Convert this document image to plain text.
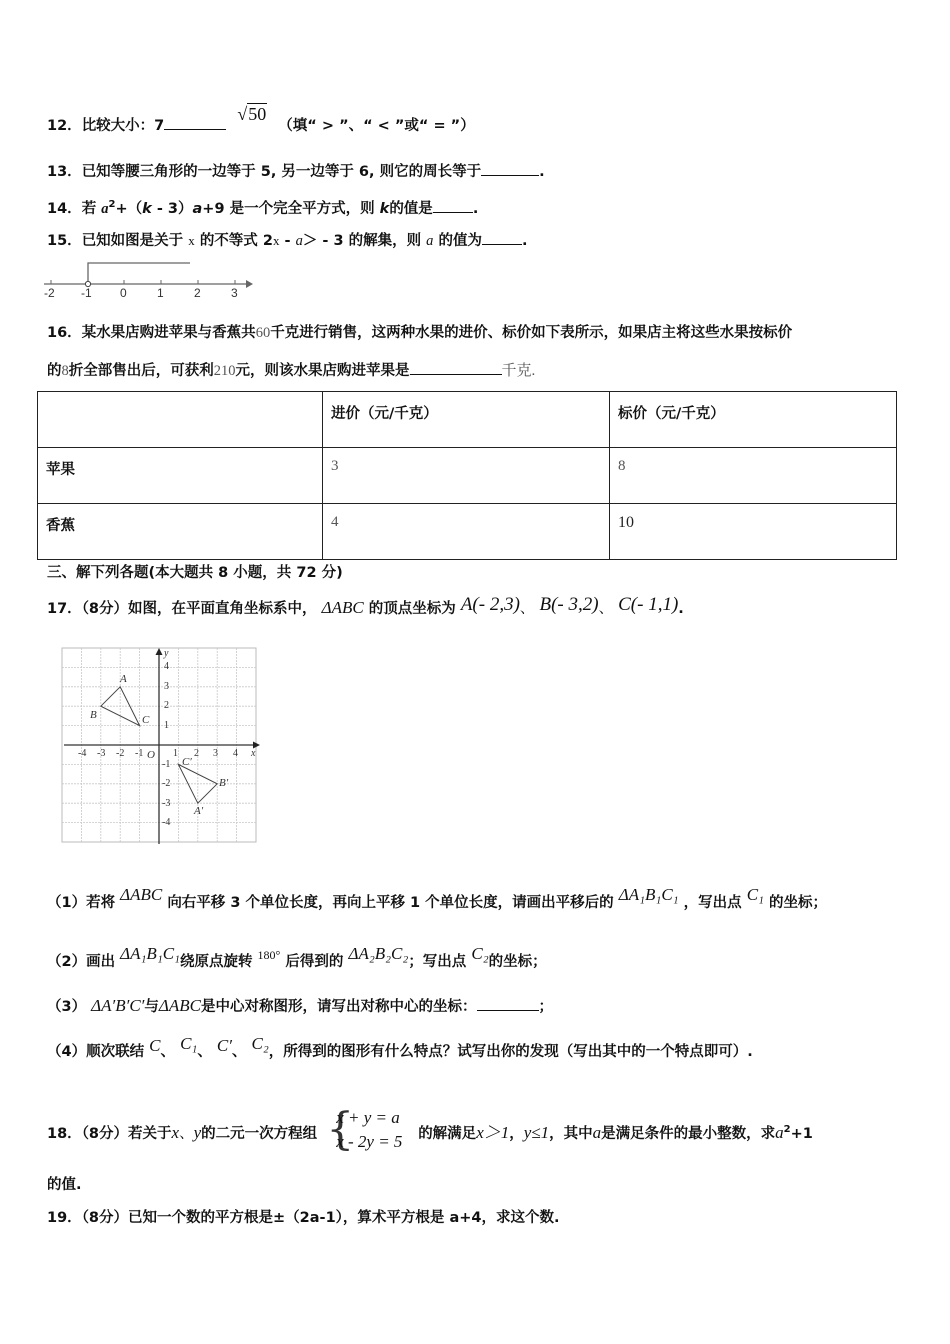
12．比较大小：7 √50 （填“ > ”、“ < ”或“ = ”）
13．已知等腰三角形的一边等于 5, 另一边等于 6, 则它的周长等于	.
14．若 $a^2+(k - 3)a+9$ 是一个完全平方式，则 k的值是	.
15．已知如图是关于 x 的不等式 2x - a＞ - 3 的解集，则 a 的值为	.
-2 -1 0	1	2	3
16．某水果店购进苹果与香蕉共60千克进行销售，这两种水果的进价、标价如下表所示，如果店主将这些水果按标价
的8折全部售出后，可获利210元，则该水果店购进苹果是	千克.
	进价（元/千克）	标价（元/千克）
苹果	3	8
香蕉	4	10
三、解下列各题(本大题共 8 小题，共 72 分)
17．（8分）如图，在平面直角坐标系中， ΔABC 的顶点坐标为 A(- 2,3)、 B(- 3,2)、 C(- 1,1).
-4 -3 -2 -1 O 1 2 3 4 x
4
3
2
1
-1
-2
-3
-4
y
A
B	C
A′
B′
C′
（1）若将 ΔABC 向右平移 3 个单位长度，再向上平移 1 个单位长度，请画出平移后的 ΔA₁B₁C₁ ，写出点 C₁ 的坐标；
（2）画出 ΔA₁B₁C₁绕原点旋转 $^{180^\circ}$ 后得到的 ΔA₂B₂C₂；写出点 C₂的坐标；
（3） ΔA′B′C′与ΔABC是中心对称图形，请写出对称中心的坐标：	；
（4）顺次联结 C、 C₁、 C′、 C₂，所得到的图形有什么特点？试写出你的发现（写出其中的一个特点即可）.
18．（8分）若关于x、y的二元一次方程组 {
x + y = a
x - 2y = 5 的解满足x＞1，y≤1，其中a是满足条件的最小整数，求$a^2+1$
的值.
19．（8分）已知一个数的平方根是±（2a-1），算术平方根是 a+4，求这个数.
